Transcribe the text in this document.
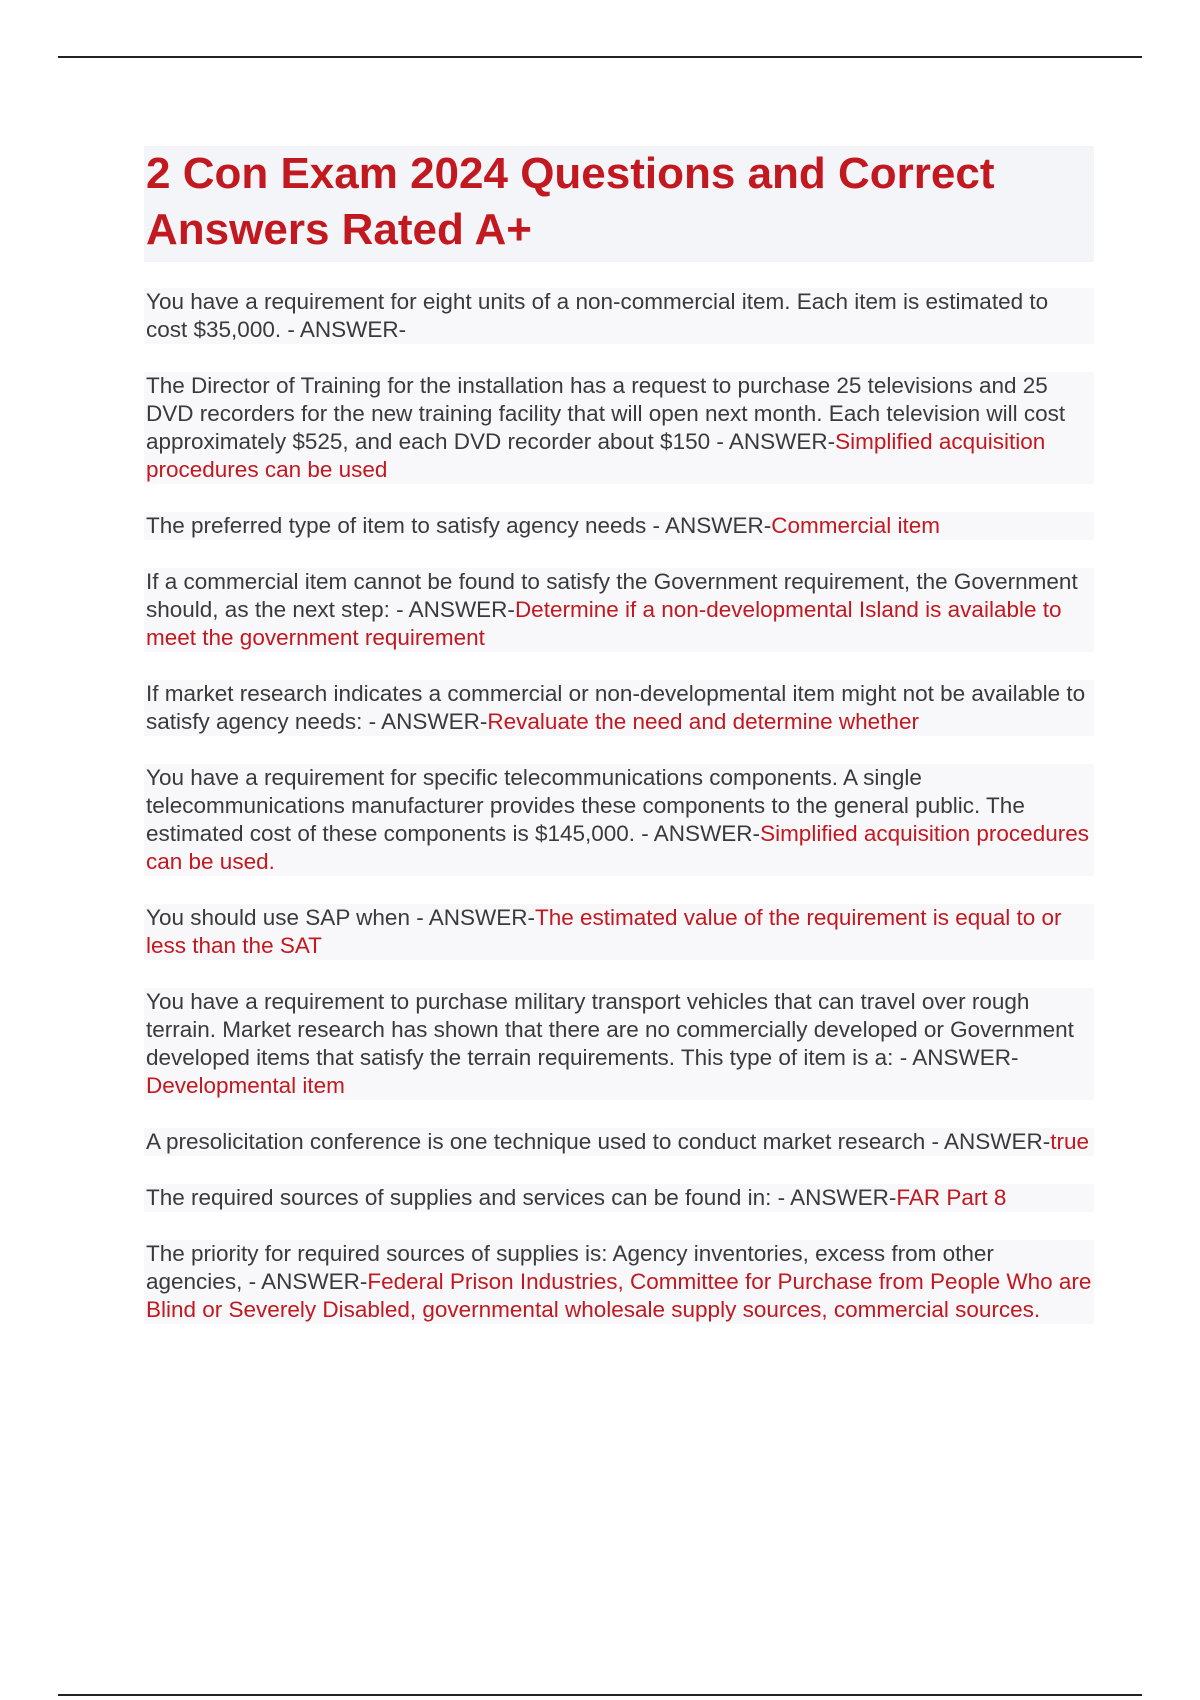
2 Con Exam 2024 Questions and Correct Answers Rated A+

You have a requirement for eight units of a non-commercial item. Each item is estimated to cost $35,000. - ANSWER-

The Director of Training for the installation has a request to purchase 25 televisions and 25 DVD recorders for the new training facility that will open next month. Each television will cost approximately $525, and each DVD recorder about $150 - ANSWER-Simplified acquisition procedures can be used

The preferred type of item to satisfy agency needs - ANSWER-Commercial item

If a commercial item cannot be found to satisfy the Government requirement, the Government should, as the next step: - ANSWER-Determine if a non-developmental Island is available to meet the government requirement

If market research indicates a commercial or non-developmental item might not be available to satisfy agency needs: - ANSWER-Revaluate the need and determine whether

You have a requirement for specific telecommunications components. A single telecommunications manufacturer provides these components to the general public. The estimated cost of these components is $145,000. - ANSWER-Simplified acquisition procedures can be used.

You should use SAP when - ANSWER-The estimated value of the requirement is equal to or less than the SAT

You have a requirement to purchase military transport vehicles that can travel over rough terrain. Market research has shown that there are no commercially developed or Government developed items that satisfy the terrain requirements. This type of item is a: - ANSWER-Developmental item

A presolicitation conference is one technique used to conduct market research - ANSWER-true

The required sources of supplies and services can be found in: - ANSWER-FAR Part 8

The priority for required sources of supplies is: Agency inventories, excess from other agencies, - ANSWER-Federal Prison Industries, Committee for Purchase from People Who are Blind or Severely Disabled, governmental wholesale supply sources, commercial sources.
